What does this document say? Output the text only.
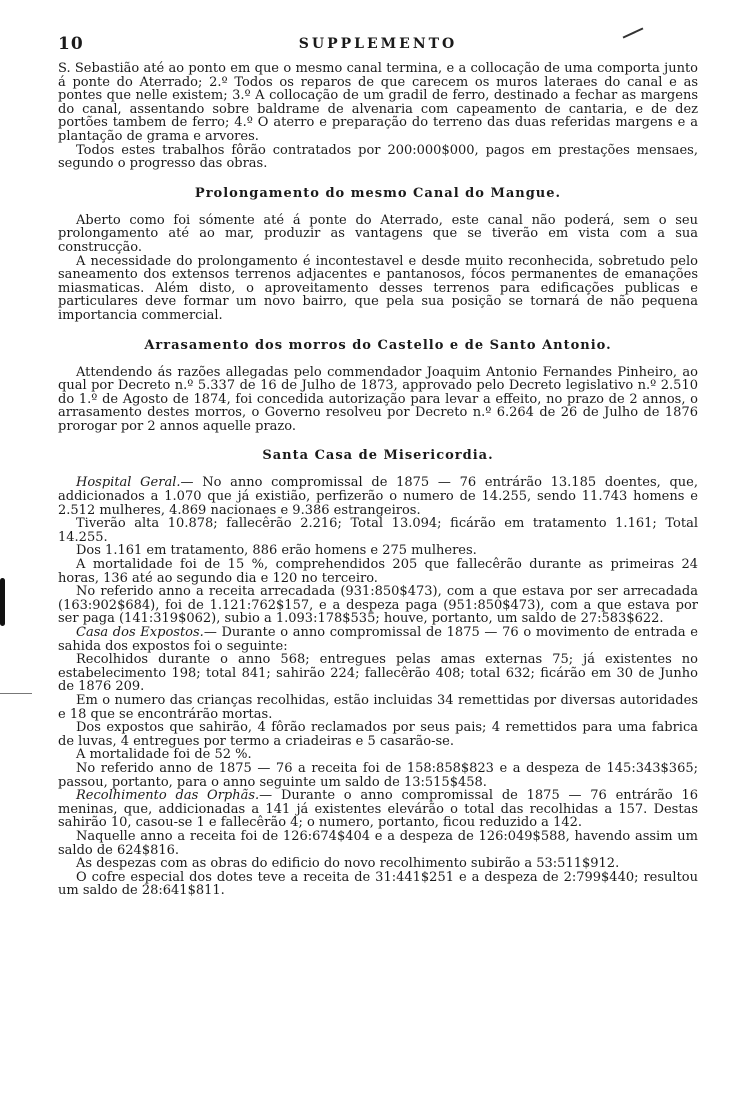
10	SUPPLEMENTO

S. Sebastião até ao ponto em que o mesmo canal termina, e a collocação de uma comporta junto á ponte do Aterrado; 2.º Todos os reparos de que carecem os muros lateraes do canal e as pontes que nelle existem; 3.º A collocação de um gradil de ferro, destinado a fechar as margens do canal, assentando sobre baldrame de alvenaria com capeamento de cantaria, e de dez portões tambem de ferro; 4.º O aterro e preparação do terreno das duas referidas margens e a plantação de grama e arvores.

Todos estes trabalhos fôrão contratados por 200:000$000, pagos em prestações mensaes, segundo o progresso das obras.

Prolongamento do mesmo Canal do Mangue.

Aberto como foi sómente até á ponte do Aterrado, este canal não poderá, sem o seu prolongamento até ao mar, produzir as vantagens que se tiverão em vista com a sua construcção.

A necessidade do prolongamento é incontestavel e desde muito reconhecida, sobretudo pelo saneamento dos extensos terrenos adjacentes e pantanosos, fócos permanentes de emanações miasmaticas. Além disto, o aproveitamento desses terrenos para edificações publicas e particulares deve formar um novo bairro, que pela sua posição se tornará de não pequena importancia commercial.

Arrasamento dos morros do Castello e de Santo Antonio.

Attendendo ás razões allegadas pelo commendador Joaquim Antonio Fernandes Pinheiro, ao qual por Decreto n.º 5.337 de 16 de Julho de 1873, approvado pelo Decreto legislativo n.º 2.510 do 1.º de Agosto de 1874, foi concedida autorização para levar a effeito, no prazo de 2 annos, o arrasamento destes morros, o Governo resolveu por Decreto n.º 6.264 de 26 de Julho de 1876 prorogar por 2 annos aquelle prazo.

Santa Casa de Misericordia.

Hospital Geral.— No anno compromissal de 1875 — 76 entrárão 13.185 doentes, que, addicionados a 1.070 que já existião, perfizerão o numero de 14.255, sendo 11.743 homens e 2.512 mulheres, 4.869 nacionaes e 9.386 estrangeiros.

Tiverão alta 10.878; fallecêrão 2.216; Total 13.094; ficárão em tratamento 1.161; Total 14.255.

Dos 1.161 em tratamento, 886 erão homens e 275 mulheres.

A mortalidade foi de 15 %, comprehendidos 205 que fallecêrão durante as primeiras 24 horas, 136 até ao segundo dia e 120 no terceiro.

No referido anno a receita arrecadada (931:850$473), com a que estava por ser arrecadada (163:902$684), foi de 1.121:762$157, e a despeza paga (951:850$473), com a que estava por ser paga (141:319$062), subio a 1.093:178$535; houve, portanto, um saldo de 27:583$622.

Casa dos Expostos.— Durante o anno compromissal de 1875 — 76 o movimento de entrada e sahida dos expostos foi o seguinte:

Recolhidos durante o anno 568; entregues pelas amas externas 75; já existentes no estabelecimento 198; total 841; sahirão 224; fallecêrão 408; total 632; ficárão em 30 de Junho de 1876 209.

Em o numero das crianças recolhidas, estão incluidas 34 remettidas por diversas autoridades e 18 que se encontrárão mortas.

Dos expostos que sahirão, 4 fôrão reclamados por seus pais; 4 remettidos para uma fabrica de luvas, 4 entregues por termo a criadeiras e 5 casarão-se.

A mortalidade foi de 52 %.

No referido anno de 1875 — 76 a receita foi de 158:858$823 e a despeza de 145:343$365; passou, portanto, para o anno seguinte um saldo de 13:515$458.

Recolhimento das Orphãs.— Durante o anno compromissal de 1875 — 76 entrárão 16 meninas, que, addicionadas a 141 já existentes elevárão o total das recolhidas a 157. Destas sahirão 10, casou-se 1 e fallecêrão 4; o numero, portanto, ficou reduzido a 142.

Naquelle anno a receita foi de 126:674$404 e a despeza de 126:049$588, havendo assim um saldo de 624$816.

As despezas com as obras do edificio do novo recolhimento subirão a 53:511$912.

O cofre especial dos dotes teve a receita de 31:441$251 e a despeza de 2:799$440; resultou um saldo de 28:641$811.
